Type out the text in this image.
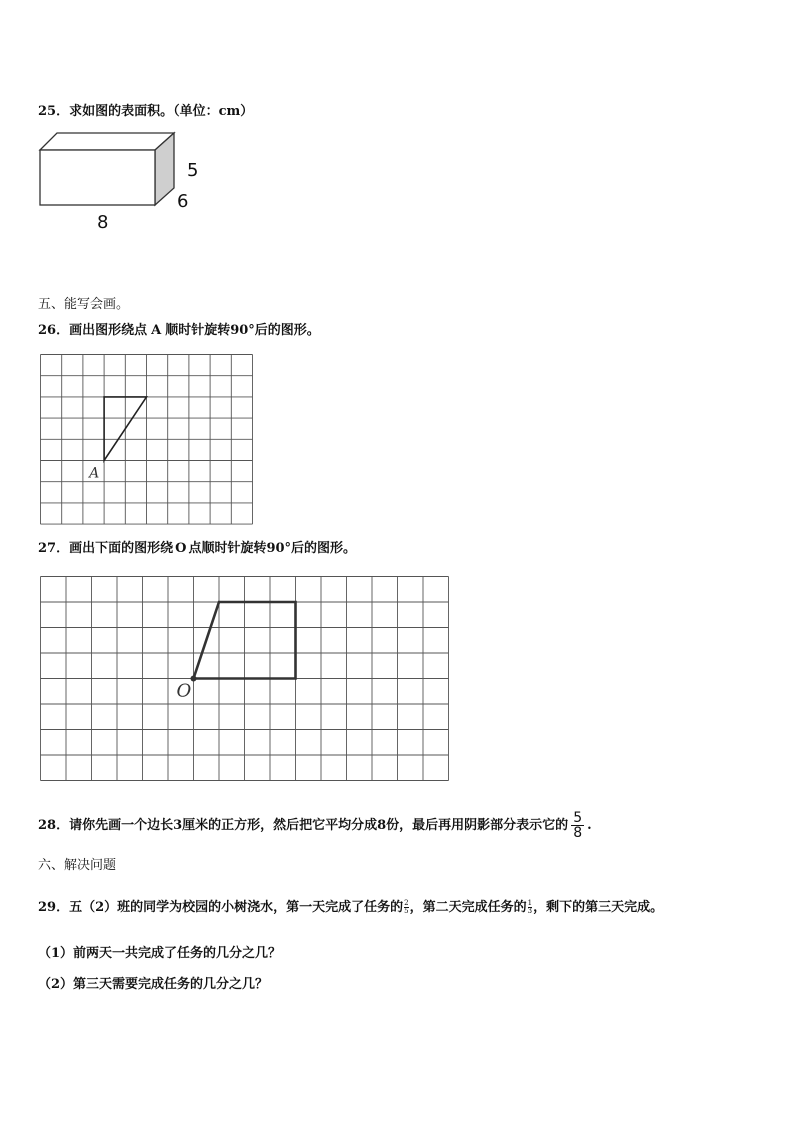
25．求如图的表面积。（单位：cm）
5
6
8
五、能写会画。
26．画出图形绕点 A 顺时针旋转90°后的图形。
A
27．画出下面的图形绕 O 点顺时针旋转90°后的图形。
O
28．请你先画一个边长3厘米的正方形，然后把它平均分成8份，最后再用阴影部分表示它的 $\frac{5}{8}$ .
六、解决问题
29．五（2）班的同学为校园的小树浇水，第一天完成了任务的 $\frac{2}{5}$ ，第二天完成任务的 $\frac{1}{3}$ ，剩下的第三天完成。
（1）前两天一共完成了任务的几分之几？
（2）第三天需要完成任务的几分之几？
